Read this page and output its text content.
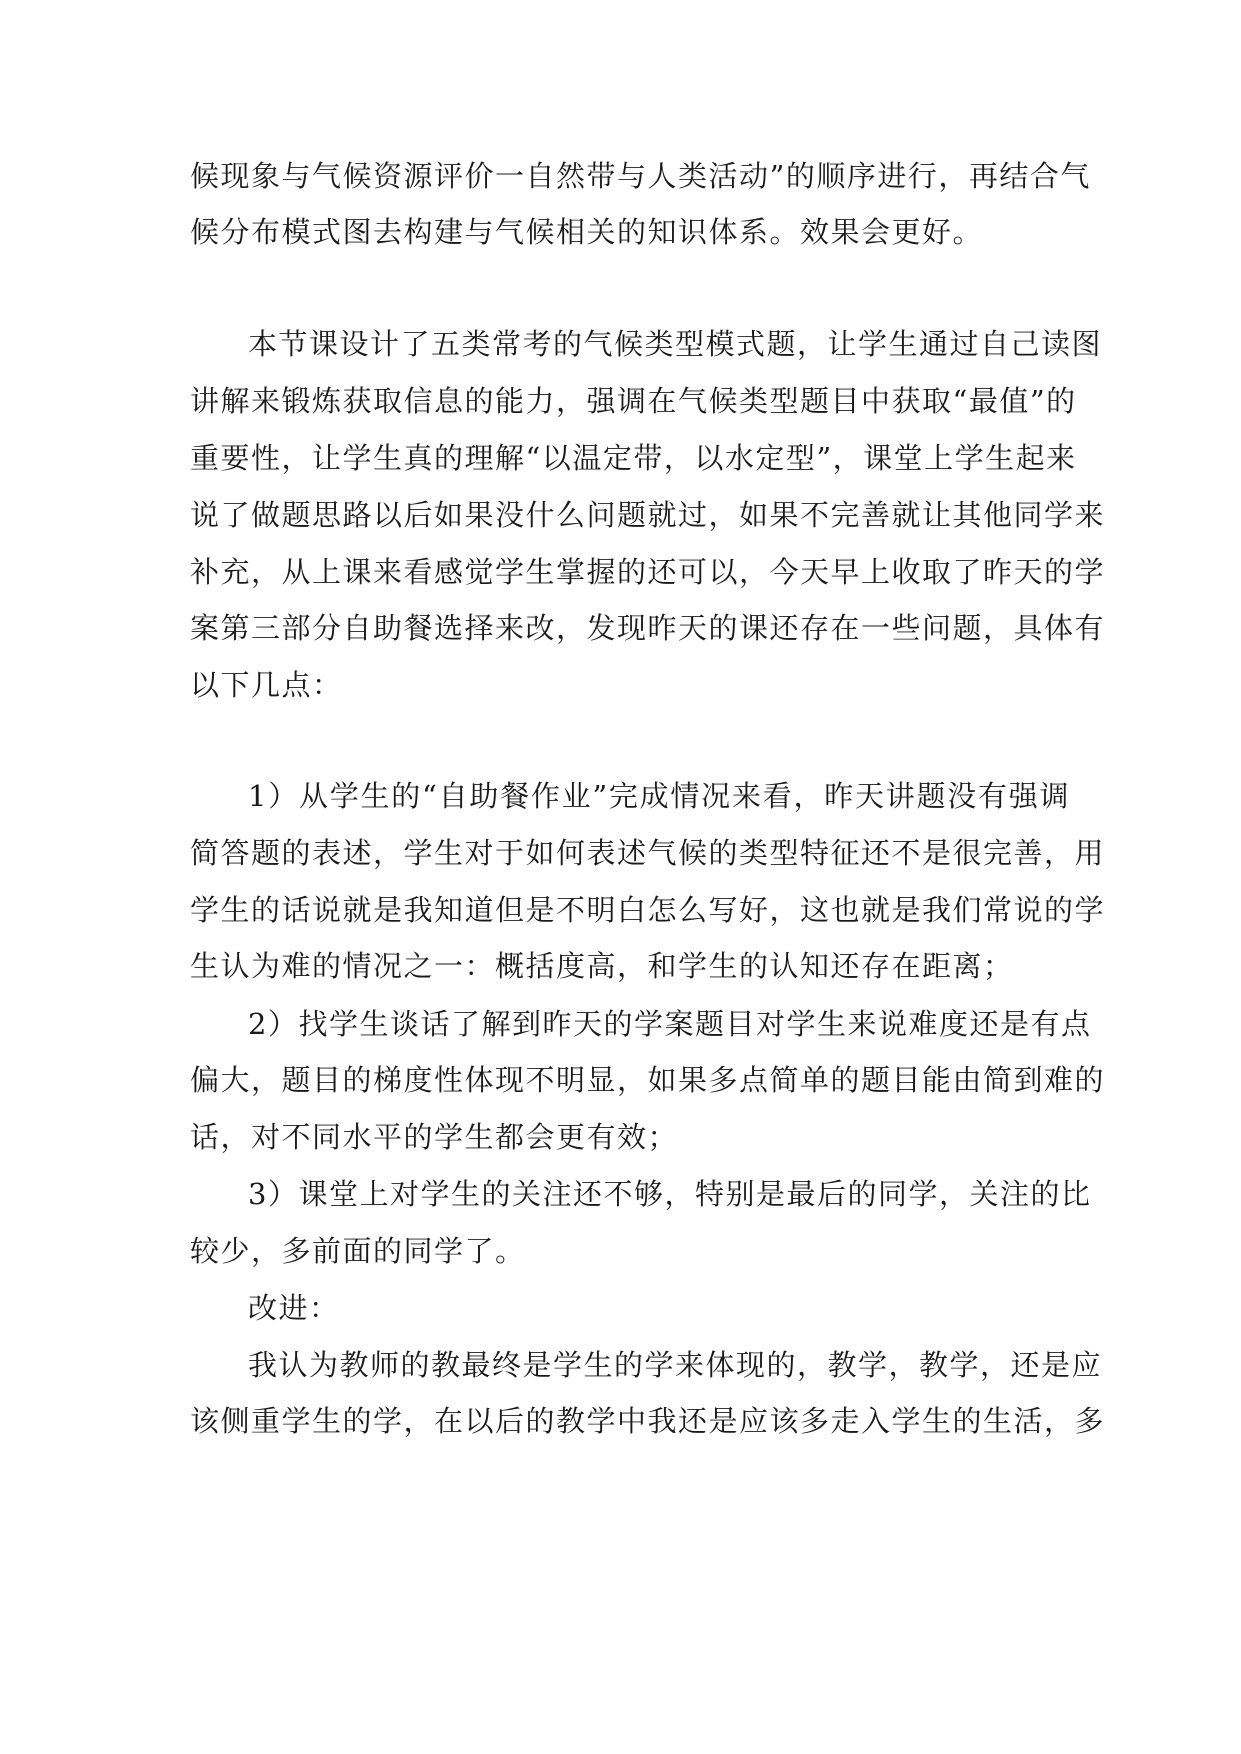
候现象与气候资源评价一自然带与人类活动”的顺序进行，再结合气
候分布模式图去构建与气候相关的知识体系。效果会更好。
本节课设计了五类常考的气候类型模式题，让学生通过自己读图
讲解来锻炼获取信息的能力，强调在气候类型题目中获取“最值”的
重要性，让学生真的理解“以温定带，以水定型”，课堂上学生起来
说了做题思路以后如果没什么问题就过，如果不完善就让其他同学来
补充，从上课来看感觉学生掌握的还可以，今天早上收取了昨天的学
案第三部分自助餐选择来改，发现昨天的课还存在一些问题，具体有
以下几点：
1）从学生的“自助餐作业”完成情况来看，昨天讲题没有强调
简答题的表述，学生对于如何表述气候的类型特征还不是很完善，用
学生的话说就是我知道但是不明白怎么写好，这也就是我们常说的学
生认为难的情况之一：概括度高，和学生的认知还存在距离；
2）找学生谈话了解到昨天的学案题目对学生来说难度还是有点
偏大，题目的梯度性体现不明显，如果多点简单的题目能由简到难的
话，对不同水平的学生都会更有效；
3）课堂上对学生的关注还不够，特别是最后的同学，关注的比
较少，多前面的同学了。
改进：
我认为教师的教最终是学生的学来体现的，教学，教学，还是应
该侧重学生的学，在以后的教学中我还是应该多走入学生的生活，多
